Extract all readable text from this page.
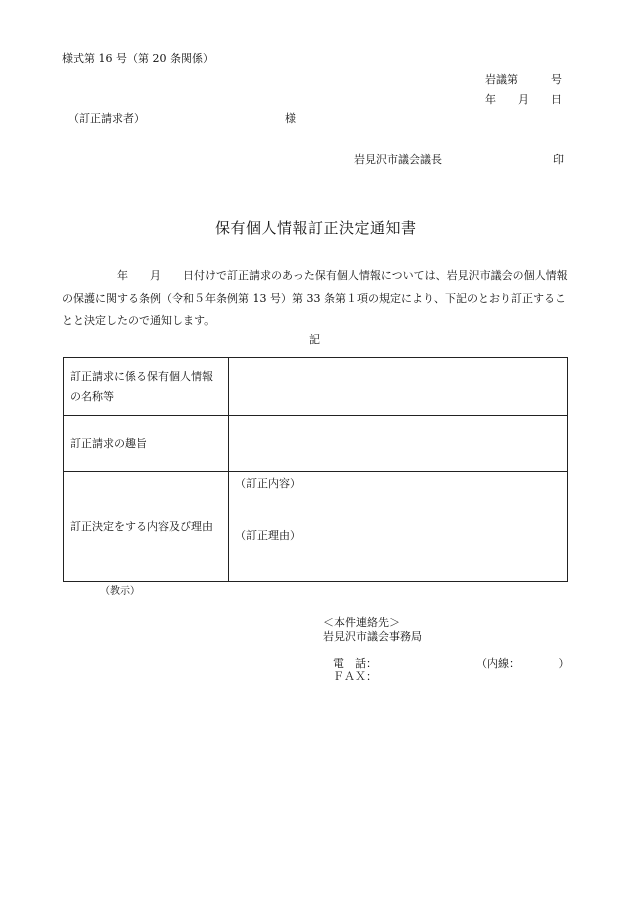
様式第 16 号（第 20 条関係）
岩議第　　　号
年　　月　　日
（訂正請求者）	様
岩見沢市議会議長	印
保有個人情報訂正決定通知書
　　　　　年　　月　　日付けで訂正請求のあった保有個人情報については、岩見沢市議会の個人情報の保護に関する条例（令和５年条例第 13 号）第 33 条第１項の規定により、下記のとおり訂正することと決定したので通知します。
記
訂正請求に係る保有個人情報の名称等	
訂正請求の趣旨	
訂正決定をする内容及び理由	（訂正内容）
（訂正理由）
（教示）
＜本件連絡先＞
岩見沢市議会事務局
電　話：	（内線：　　　　）
ＦＡＸ：
